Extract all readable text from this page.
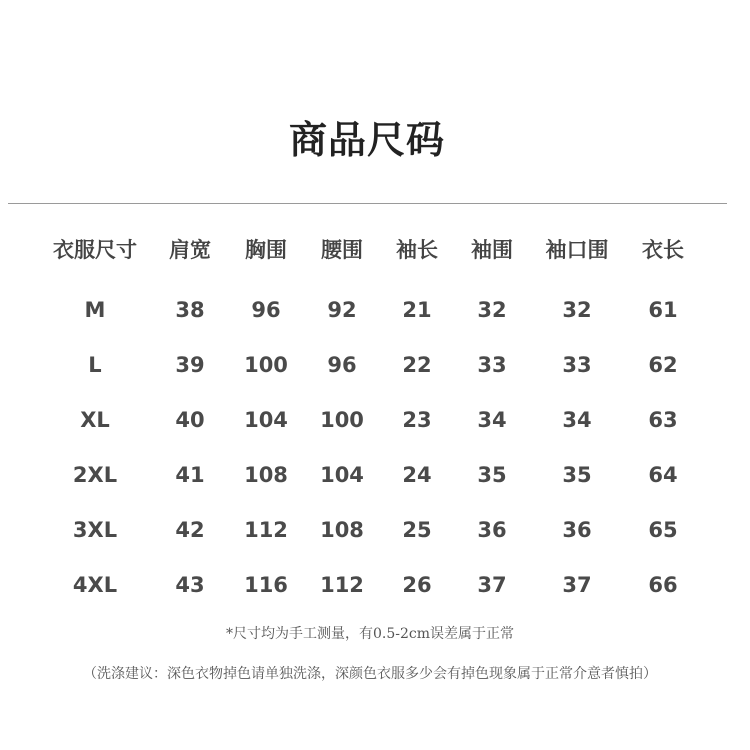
商品尺码
衣服尺寸	肩宽	胸围	腰围	袖长	袖围	袖口围	衣长
M	38	96	92	21	32	32	61
L	39	100	96	22	33	33	62
XL	40	104	100	23	34	34	63
2XL	41	108	104	24	35	35	64
3XL	42	112	108	25	36	36	65
4XL	43	116	112	26	37	37	66
*尺寸均为手工测量，有0.5-2cm误差属于正常
（洗涤建议：深色衣物掉色请单独洗涤，深颜色衣服多少会有掉色现象属于正常介意者慎拍）
